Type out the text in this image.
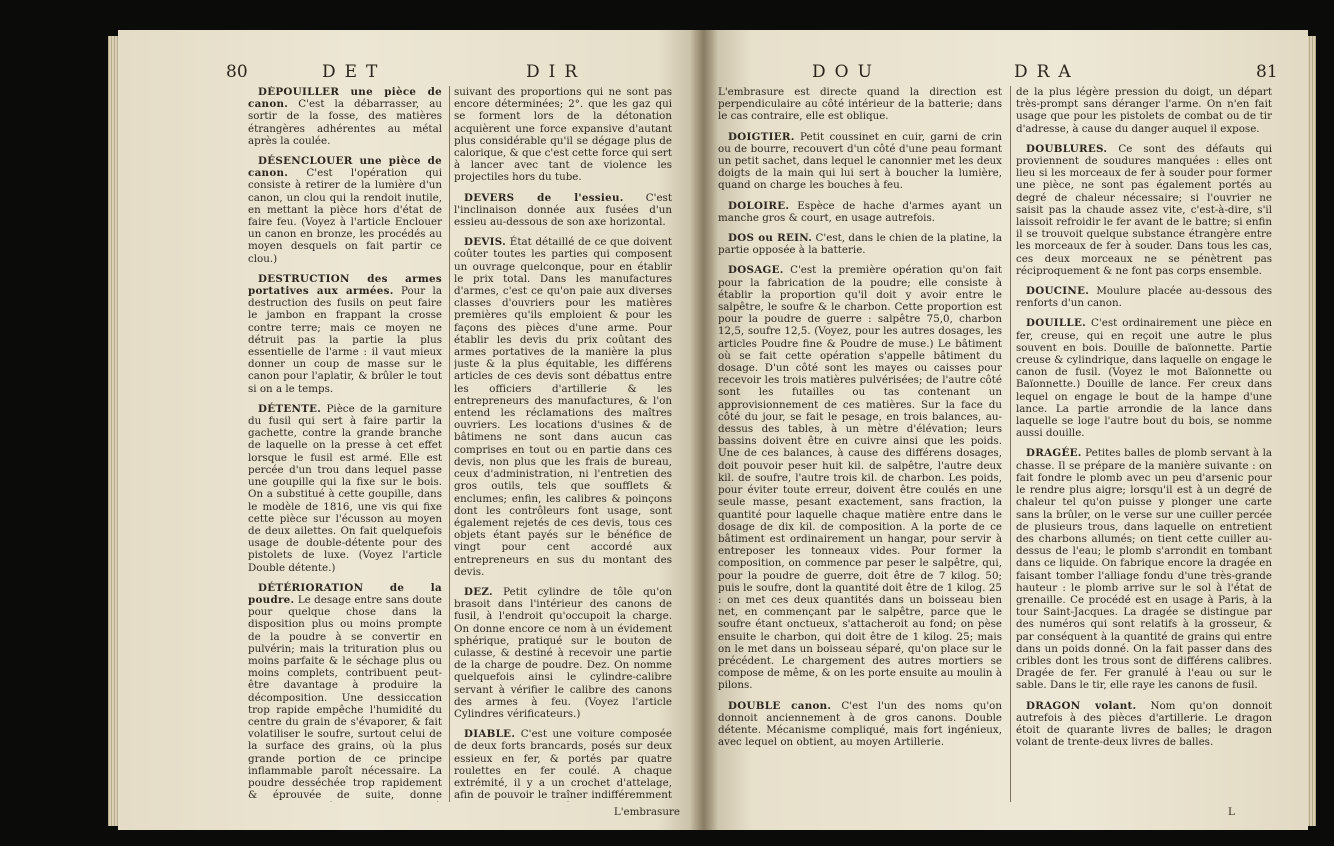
80	DET	DIR	DOU	DRA	81

DÉPOUILLER une pièce de canon. C'est la débarrasser, au sortir de la fosse, des matières étrangères adhérentes au métal après la coulée.

DÉSENCLOUER une pièce de canon. C'est l'opération qui consiste à retirer de la lumière d'un canon, un clou qui la rendoit inutile, en mettant la pièce hors d'état de faire feu. (Voyez à l'article Enclouer un canon en bronze, les procédés au moyen desquels on fait partir ce clou.)

DESTRUCTION des armes portatives aux armées. Pour la destruction des fusils on peut faire le jambon en frappant la crosse contre terre; mais ce moyen ne détruit pas la partie la plus essentielle de l'arme : il vaut mieux donner un coup de masse sur le canon pour l'aplatir, & brûler le tout si on a le temps.

DÉTENTE. Pièce de la garniture du fusil qui sert à faire partir la gachette, contre la grande branche de laquelle on la presse à cet effet lorsque le fusil est armé. Elle est percée d'un trou dans lequel passe une goupille qui la fixe sur le bois. On a substitué à cette goupille, dans le modèle de 1816, une vis qui fixe cette pièce sur l'écusson au moyen de deux ailettes. On fait quelquefois usage de double-détente pour des pistolets de luxe. (Voyez l'article Double détente.)

DÉTÉRIORATION de la poudre. Le desage entre sans doute pour quelque chose dans la disposition plus ou moins prompte de la poudre à se convertir en pulvérin; mais la trituration plus ou moins parfaite & le séchage plus ou moins complets, contribuent peut-être davantage à produire la décomposition. Une dessiccation trop rapide empêche l'humidité du centre du grain de s'évaporer, & fait volatiliser le soufre, surtout celui de la surface des grains, où la plus grande portion de ce principe inflammable paroît nécessaire. La poudre desséchée trop rapidement & éprouvée de suite, donne

suivant des proportions qui ne sont pas encore déterminées; 2°. que les gaz qui se forment lors de la détonation acquièrent une force expansive d'autant plus considérable qu'il se dégage plus de calorique, & que c'est cette force qui sert à lancer avec tant de violence les projectiles hors du tube.

DEVERS de l'essieu. C'est l'inclinaison donnée aux fusées d'un essieu au-dessous de son axe horizontal.

DEVIS. État détaillé de ce que doivent coûter toutes les parties qui composent un ouvrage quelconque, pour en établir le prix total. Dans les manufactures d'armes, c'est ce qu'on paie aux diverses classes d'ouvriers pour les matières premières qu'ils emploient & pour les façons des pièces d'une arme. Pour établir les devis du prix coûtant des armes portatives de la manière la plus juste & la plus équitable, les différens articles de ces devis sont débattus entre les officiers d'artillerie & les entrepreneurs des manufactures, & l'on entend les réclamations des maîtres ouvriers. Les locations d'usines & de bâtimens ne sont dans aucun cas comprises en tout ou en partie dans ces devis, non plus que les frais de bureau, ceux d'administration, ni l'entretien des gros outils, tels que soufflets & enclumes; enfin, les calibres & poinçons dont les contrôleurs font usage, sont également rejetés de ces devis, tous ces objets étant payés sur le bénéfice de vingt pour cent accordé aux entrepreneurs en sus du montant des devis.

DEZ. Petit cylindre de tôle qu'on brasoit dans l'intérieur des canons de fusil, à l'endroit qu'occupoit la charge. On donne encore ce nom à un évidement sphérique, pratiqué sur le bouton de culasse, & destiné à recevoir une partie de la charge de poudre. Dez. On nomme quelquefois ainsi le cylindre-calibre servant à vérifier le calibre des canons des armes à feu. (Voyez l'article Cylindres vérificateurs.)

DIABLE. C'est une voiture composée de deux forts brancards, posés sur deux essieux en fer, & portés par quatre roulettes en fer coulé. A chaque extrémité, il y a un crochet d'attelage, afin de pouvoir le traîner indifféremment

L'embrasure est directe quand la direction est perpendiculaire au côté intérieur de la batterie; dans le cas contraire, elle est oblique.

DOIGTIER. Petit coussinet en cuir, garni de crin ou de bourre, recouvert d'un côté d'une peau formant un petit sachet, dans lequel le canonnier met les deux doigts de la main qui lui sert à boucher la lumière, quand on charge les bouches à feu.

DOLOIRE. Espèce de hache d'armes ayant un manche gros & court, en usage autrefois.

DOS ou REIN. C'est, dans le chien de la platine, la partie opposée à la batterie.

DOSAGE. C'est la première opération qu'on fait pour la fabrication de la poudre; elle consiste à établir la proportion qu'il doit y avoir entre le salpêtre, le soufre & le charbon. Cette proportion est pour la poudre de guerre : salpêtre 75,0, charbon 12,5, soufre 12,5. (Voyez, pour les autres dosages, les articles Poudre fine & Poudre de muse.) Le bâtiment où se fait cette opération s'appelle bâtiment du dosage. D'un côté sont les mayes ou caisses pour recevoir les trois matières pulvérisées; de l'autre côté sont les futailles ou tas contenant un approvisionnement de ces matières. Sur la face du côté du jour, se fait le pesage, en trois balances, au-dessus des tables, à un mètre d'élévation; leurs bassins doivent être en cuivre ainsi que les poids. Une de ces balances, à cause des différens dosages, doit pouvoir peser huit kil. de salpêtre, l'autre deux kil. de soufre, l'autre trois kil. de charbon. Les poids, pour éviter toute erreur, doivent être coulés en une seule masse, pesant exactement, sans fraction, la quantité pour laquelle chaque matière entre dans le dosage de dix kil. de composition. A la porte de ce bâtiment est ordinairement un hangar, pour servir à entreposer les tonneaux vides. Pour former la composition, on commence par peser le salpêtre, qui, pour la poudre de guerre, doit être de 7 kilog. 50; puis le soufre, dont la quantité doit être de 1 kilog. 25 : on met ces deux quantités dans un boisseau bien net, en commençant par le salpêtre, parce que le soufre étant onctueux, s'attacheroit au fond; on pèse ensuite le charbon, qui doit être de 1 kilog. 25; mais on le met dans un boisseau séparé, qu'on place sur le précédent. Le chargement des autres mortiers se compose de même, & on les porte ensuite au moulin à pilons.

DOUBLE canon. C'est l'un des noms qu'on donnoit anciennement à de gros canons. Double détente. Mécanisme compliqué, mais fort ingénieux, avec lequel on obtient, au moyen Artillerie.

de la plus légère pression du doigt, un départ très-prompt sans déranger l'arme. On n'en fait usage que pour les pistolets de combat ou de tir d'adresse, à cause du danger auquel il expose.

DOUBLURES. Ce sont des défauts qui proviennent de soudures manquées : elles ont lieu si les morceaux de fer à souder pour former une pièce, ne sont pas également portés au degré de chaleur nécessaire; si l'ouvrier ne saisit pas la chaude assez vite, c'est-à-dire, s'il laissoit refroidir le fer avant de le battre; si enfin il se trouvoit quelque substance étrangère entre les morceaux de fer à souder. Dans tous les cas, ces deux morceaux ne se pénètrent pas réciproquement & ne font pas corps ensemble.

DOUCINE. Moulure placée au-dessous des renforts d'un canon.

DOUILLE. C'est ordinairement une pièce en fer, creuse, qui en reçoit une autre le plus souvent en bois. Douille de baïonnette. Partie creuse & cylindrique, dans laquelle on engage le canon de fusil. (Voyez le mot Baïonnette ou Baïonnette.) Douille de lance. Fer creux dans lequel on engage le bout de la hampe d'une lance. La partie arrondie de la lance dans laquelle se loge l'autre bout du bois, se nomme aussi douille.

DRAGÉE. Petites balles de plomb servant à la chasse. Il se prépare de la manière suivante : on fait fondre le plomb avec un peu d'arsenic pour le rendre plus aigre; lorsqu'il est à un degré de chaleur tel qu'on puisse y plonger une carte sans la brûler, on le verse sur une cuiller percée de plusieurs trous, dans laquelle on entretient des charbons allumés; on tient cette cuiller au-dessus de l'eau; le plomb s'arrondit en tombant dans ce liquide. On fabrique encore la dragée en faisant tomber l'alliage fondu d'une très-grande hauteur : le plomb arrive sur le sol à l'état de grenaille. Ce procédé est en usage à Paris, à la tour Saint-Jacques. La dragée se distingue par des numéros qui sont relatifs à la grosseur, & par conséquent à la quantité de grains qui entre dans un poids donné. On la fait passer dans des cribles dont les trous sont de différens calibres. Dragée de fer. Fer granulé à l'eau ou sur le sable. Dans le tir, elle raye les canons de fusil.

DRAGON volant. Nom qu'on donnoit autrefois à des pièces d'artillerie. Le dragon étoit de quarante livres de balles; le dragon volant de trente-deux livres de balles.

L'embrasure	L
